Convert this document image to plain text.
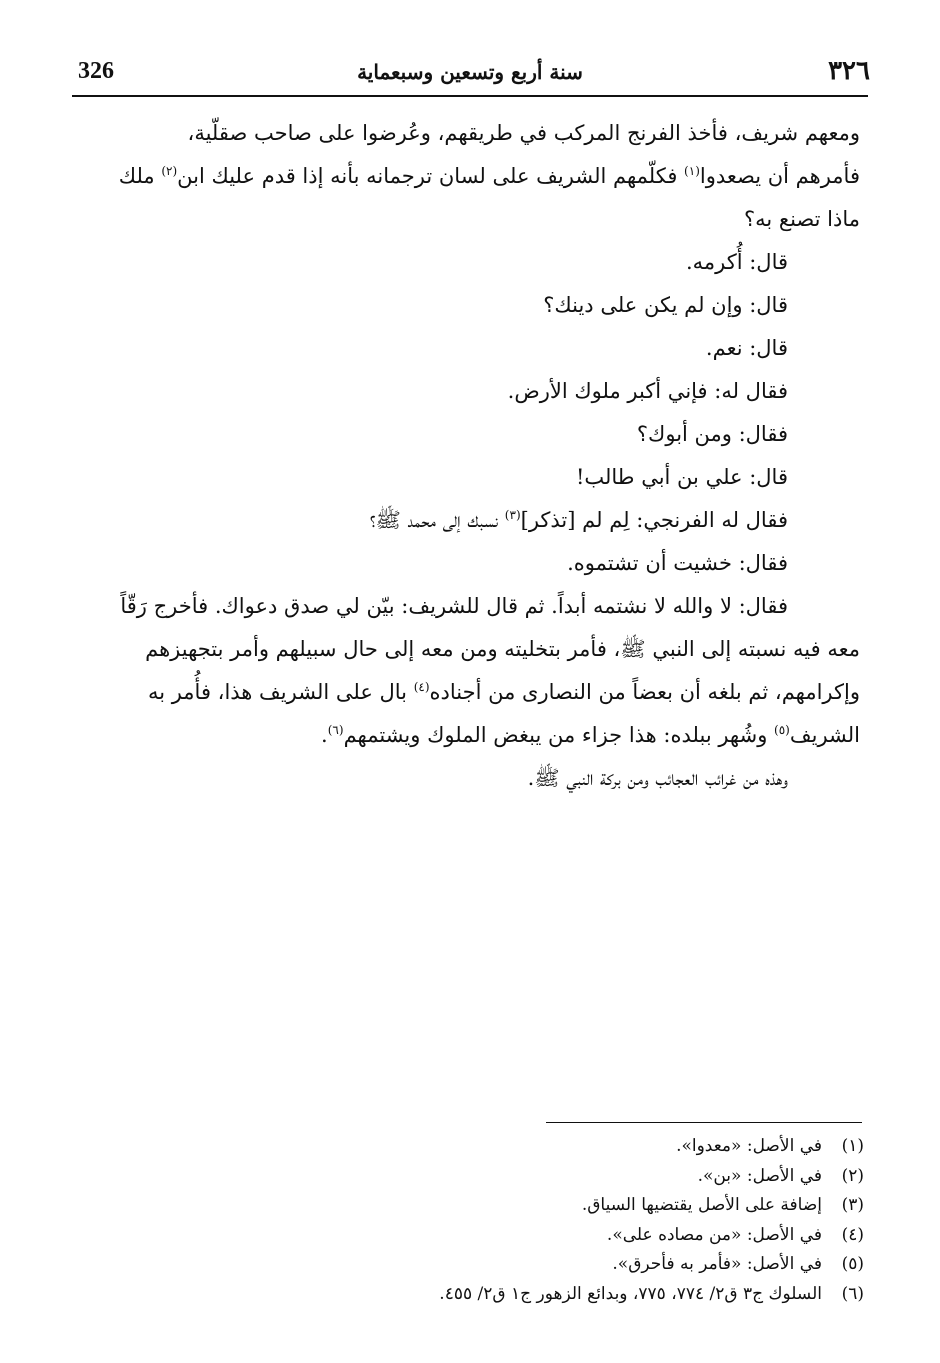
326	سنة أربع وتسعين وسبعماية	٣٢٦

ومعهم شريف، فأخذ الفرنج المركب في طريقهم، وعُرضوا على صاحب صقلّية،

فأمرهم أن يصعدوا$^{(١)}$ فكلّمهم الشريف على لسان ترجمانه بأنه إذا قدم عليك ابن$^{(٢)}$ ملك

ماذا تصنع به؟

قال: أُكرمه.

قال: وإن لم يكن على دينك؟

قال: نعم.

فقال له: فإني أكبر ملوك الأرض.

فقال: ومن أبوك؟

قال: علي بن أبي طالب!

فقال له الفرنجي: لِم لم [تذكر]$^{(٣)}$ نسبك إلى محمد ﷺ؟

فقال: خشيت أن تشتموه.

فقال: لا والله لا نشتمه أبداً. ثم قال للشريف: بيّن لي صدق دعواك. فأخرج رَقّاً

معه فيه نسبته إلى النبي ﷺ، فأمر بتخليته ومن معه إلى حال سبيلهم وأمر بتجهيزهم

وإكرامهم، ثم بلغه أن بعضاً من النصارى من أجناده$^{(٤)}$ بال على الشريف هذا، فأُمر به

الشريف$^{(٥)}$ وشُهر ببلده: هذا جزاء من يبغض الملوك ويشتمهم$^{(٦)}$.

وهذه من غرائب العجائب ومن بركة النبي ﷺ.

(١)في الأصل: «معدوا».
(٢)في الأصل: «بن».
(٣)إضافة على الأصل يقتضيها السياق.
(٤)في الأصل: «من مصاده على».
(٥)في الأصل: «فأمر به فأحرق».
(٦)السلوك ج٣ ق٢/ ٧٧٤، ٧٧٥، وبدائع الزهور ج١ ق٢/ ٤٥٥.
